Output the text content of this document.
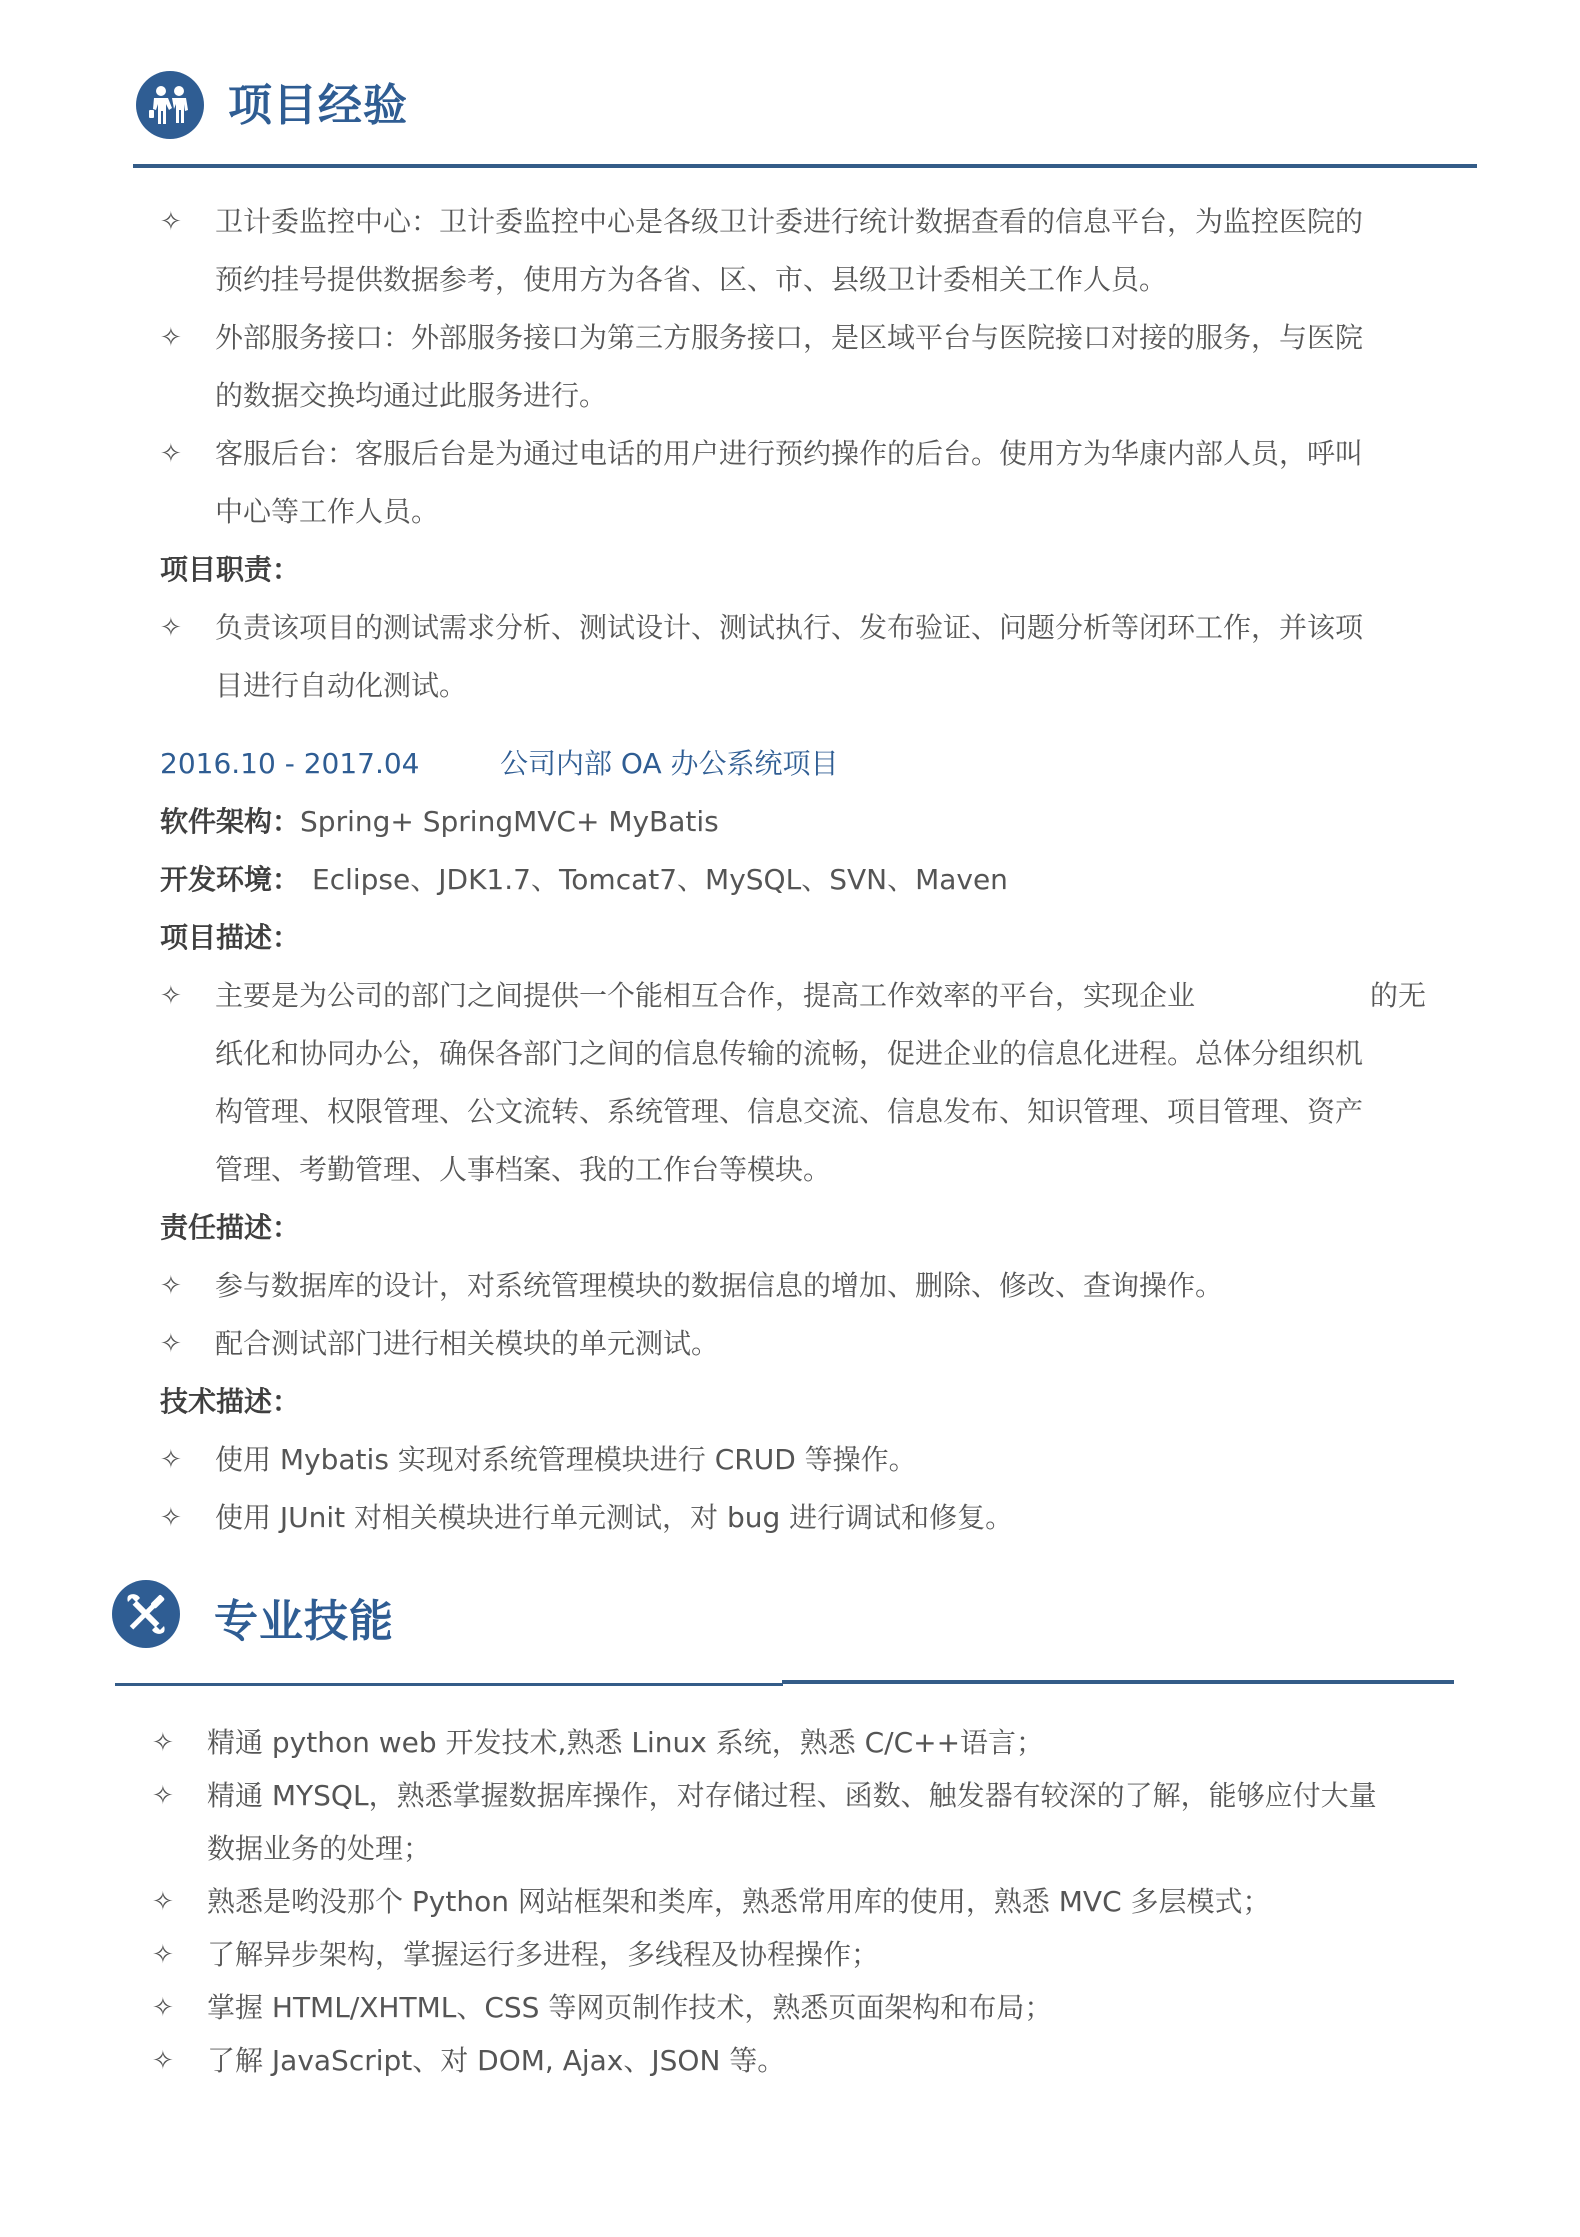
项目经验
✧ 卫计委监控中心：卫计委监控中心是各级卫计委进行统计数据查看的信息平台，为监控医院的
预约挂号提供数据参考，使用方为各省、区、市、县级卫计委相关工作人员。
✧ 外部服务接口：外部服务接口为第三方服务接口，是区域平台与医院接口对接的服务，与医院
的数据交换均通过此服务进行。
✧ 客服后台：客服后台是为通过电话的用户进行预约操作的后台。使用方为华康内部人员，呼叫
中心等工作人员。
项目职责：
✧ 负责该项目的测试需求分析、测试设计、测试执行、发布验证、问题分析等闭环工作，并该项
目进行自动化测试。
2016.10 - 2017.04	公司内部 OA 办公系统项目
软件架构：Spring+ SpringMVC+ MyBatis
开发环境： Eclipse、JDK1.7、Tomcat7、MySQL、SVN、Maven
项目描述：
✧ 主要是为公司的部门之间提供一个能相互合作，提高工作效率的平台，实现企业	的无
纸化和协同办公，确保各部门之间的信息传输的流畅，促进企业的信息化进程。总体分组织机
构管理、权限管理、公文流转、系统管理、信息交流、信息发布、知识管理、项目管理、资产
管理、考勤管理、人事档案、我的工作台等模块。
责任描述：
✧ 参与数据库的设计，对系统管理模块的数据信息的增加、删除、修改、查询操作。
✧ 配合测试部门进行相关模块的单元测试。
技术描述：
✧ 使用 Mybatis 实现对系统管理模块进行 CRUD 等操作。
✧ 使用 JUnit 对相关模块进行单元测试，对 bug 进行调试和修复。
专业技能
✧ 精通 python web 开发技术,熟悉 Linux 系统，熟悉 C/C++语言；
✧ 精通 MYSQL，熟悉掌握数据库操作，对存储过程、函数、触发器有较深的了解，能够应付大量
数据业务的处理；
✧ 熟悉是哟没那个 Python 网站框架和类库，熟悉常用库的使用，熟悉 MVC 多层模式；
✧ 了解异步架构，掌握运行多进程，多线程及协程操作；
✧ 掌握 HTML/XHTML、CSS 等网页制作技术，熟悉页面架构和布局；
✧ 了解 JavaScript、对 DOM, Ajax、JSON 等。
